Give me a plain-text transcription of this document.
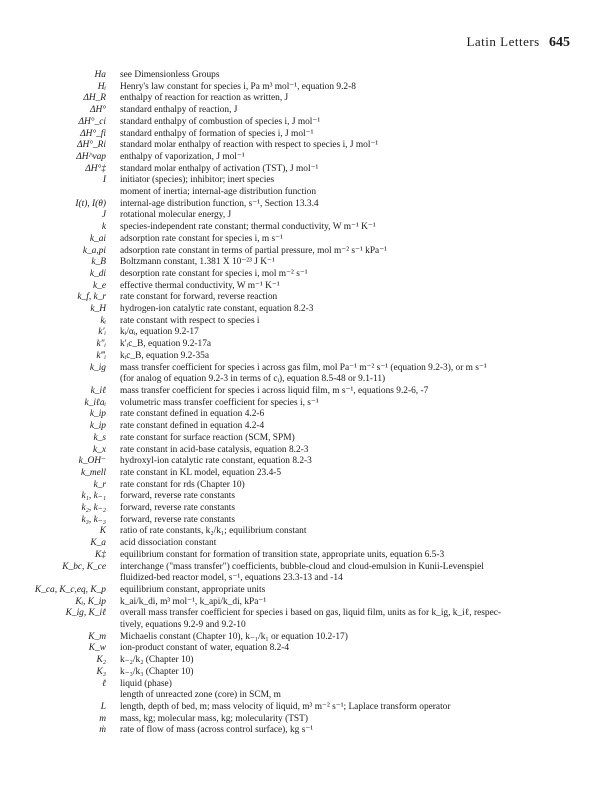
Latin Letters 645
Ha	see Dimensionless Groups
Hᵢ	Henry's law constant for species i, Pa m³ mol⁻¹, equation 9.2-8
ΔH_R	enthalpy of reaction for reaction as written, J
ΔH°	standard enthalpy of reaction, J
ΔH°_ci	standard enthalpy of combustion of species i, J mol⁻¹
ΔH°_fi	standard enthalpy of formation of species i, J mol⁻¹
ΔH°_Ri	standard molar enthalpy of reaction with respect to species i, J mol⁻¹
ΔH^vap	enthalpy of vaporization, J mol⁻¹
ΔH°‡	standard molar enthalpy of activation (TST), J mol⁻¹
I	initiator (species); inhibitor; inert species
moment of inertia; internal-age distribution function
I(t), I(θ)	internal-age distribution function, s⁻¹, Section 13.3.4
J	rotational molecular energy, J
k	species-independent rate constant; thermal conductivity, W m⁻¹ K⁻¹
k_ai	adsorption rate constant for species i, m s⁻¹
k_a,pi	adsorption rate constant in terms of partial pressure, mol m⁻² s⁻¹ kPa⁻¹
k_B	Boltzmann constant, 1.381 X 10⁻²³ J K⁻¹
k_di	desorption rate constant for species i, mol m⁻² s⁻¹
k_e	effective thermal conductivity, W m⁻¹ K⁻¹
k_f, k_r	rate constant for forward, reverse reaction
k_H	hydrogen-ion catalytic rate constant, equation 8.2-3
kᵢ	rate constant with respect to species i
k′ᵢ	kᵢ/αᵢ, equation 9.2-17
k″ᵢ	k′ᵢc_B, equation 9.2-17a
k‴ᵢ	kᵢc_B, equation 9.2-35a
k_ig	mass transfer coefficient for species i across gas film, mol Pa⁻¹ m⁻² s⁻¹ (equation 9.2-3), or m s⁻¹
(for analog of equation 9.2-3 in terms of cᵢ), equation 8.5-48 or 9.1-11)
k_iℓ	mass transfer coefficient for species i across liquid film, m s⁻¹, equations 9.2-6, -7
k_iℓaᵢ	volumetric mass transfer coefficient for species i, s⁻¹
k_ip	rate constant defined in equation 4.2-6
k_ip	rate constant defined in equation 4.2-4
k_s	rate constant for surface reaction (SCM, SPM)
k_x	rate constant in acid-base catalysis, equation 8.2-3
k_OH⁻	hydroxyl-ion catalytic rate constant, equation 8.2-3
k_mell	rate constant in KL model, equation 23.4-5
k_r	rate constant for rds (Chapter 10)
k₁, k₋₁	forward, reverse rate constants
k₂, k₋₂	forward, reverse rate constants
k₃, k₋₃	forward, reverse rate constants
K	ratio of rate constants, k₂/k₁; equilibrium constant
K_a	acid dissociation constant
K‡	equilibrium constant for formation of transition state, appropriate units, equation 6.5-3
K_bc, K_ce	interchange ("mass transfer") coefficients, bubble-cloud and cloud-emulsion in Kunii-Levenspiel
fluidized-bed reactor model, s⁻¹, equations 23.3-13 and -14
K_ca, K_c,eq, K_p	equilibrium constant, appropriate units
Kᵢ, K_ip	k_ai/k_di, m³ mol⁻¹, k_api/k_di, kPa⁻¹
K_ig, K_iℓ	overall mass transfer coefficient for species i based on gas, liquid film, units as for k_ig, k_iℓ, respec-
tively, equations 9.2-9 and 9.2-10
K_m	Michaelis constant (Chapter 10), k₋₁/k₁ or equation 10.2-17)
K_w	ion-product constant of water, equation 8.2-4
K₂	k₋₂/k₂ (Chapter 10)
K₃	k₋₃/k₃ (Chapter 10)
ℓ	liquid (phase)
length of unreacted zone (core) in SCM, m
L	length, depth of bed, m; mass velocity of liquid, m³ m⁻² s⁻¹; Laplace transform operator
m	mass, kg; molecular mass, kg; molecularity (TST)
ṁ	rate of flow of mass (across control surface), kg s⁻¹
